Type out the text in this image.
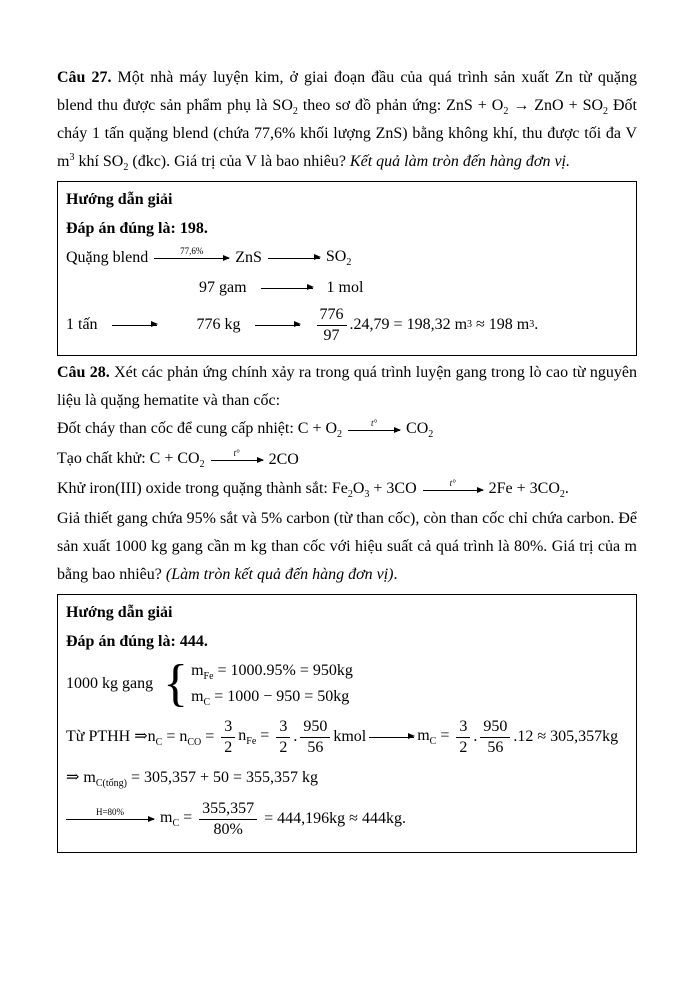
Câu 27. Một nhà máy luyện kim, ở giai đoạn đầu của quá trình sản xuất Zn từ quặng blend thu được sản phẩm phụ là $SO_2$ theo sơ đồ phản ứng: ZnS + $O_2$ → ZnO + $SO_2$ Đốt cháy 1 tấn quặng blend (chứa 77,6% khối lượng ZnS) bằng không khí, thu được tối đa V $m^3$ khí $SO_2$ (đkc). Giá trị của V là bao nhiêu? Kết quả làm tròn đến hàng đơn vị.

Hướng dẫn giải
Đáp án đúng là: 198.
Quặng blend	77,6% ZnS →
$SO_2$
97 gam →
1 mol
1 tấn →
	776 kg →
$\frac{776}{97} .24,79 = 198,32$ m 3 ≈ 198 m 3 .

Câu 28. Xét các phản ứng chính xảy ra trong quá trình luyện gang trong lò cao từ nguyên liệu là quặng hematite và than cốc:

Đốt cháy than cốc để cung cấp nhiệt: $C + O_2$
t° $CO_2$
Tạo chất khử: $C + CO_2$
t° 2CO
Khử iron(III) oxide trong quặng thành sắt: $Fe_2O_3 + 3CO$	t° $2Fe + 3CO_2$.

Giả thiết gang chứa 95% sắt và 5% carbon (từ than cốc), còn than cốc chỉ chứa carbon. Để sản xuất 1000 kg gang cần m kg than cốc với hiệu suất cả quá trình là 80%. Giá trị của m bằng bao nhiêu? (Làm tròn kết quả đến hàng đơn vị).

Hướng dẫn giải
Đáp án đúng là: 444.
1000 kg gang { $m_{Fe} = 1000.95\% = 950kg$
$m_C = 1000 - 950 = 50kg$
Từ PTHH $\Rightarrow n_C = n_{CO} = \frac{3}{2} n_{Fe} = \frac{3}{2}$ . $\frac{950}{56}$ kmol →
$m_C = \frac{3}{2}$ . $\frac{950}{56} .12 \approx 305,357kg$
⇒ $m_{C(tổng)} = 305,357 + 50 = 355,357$ kg
H=80% $m_C = \frac{355,357}{80\%} = 444,196kg \approx 444kg$.
